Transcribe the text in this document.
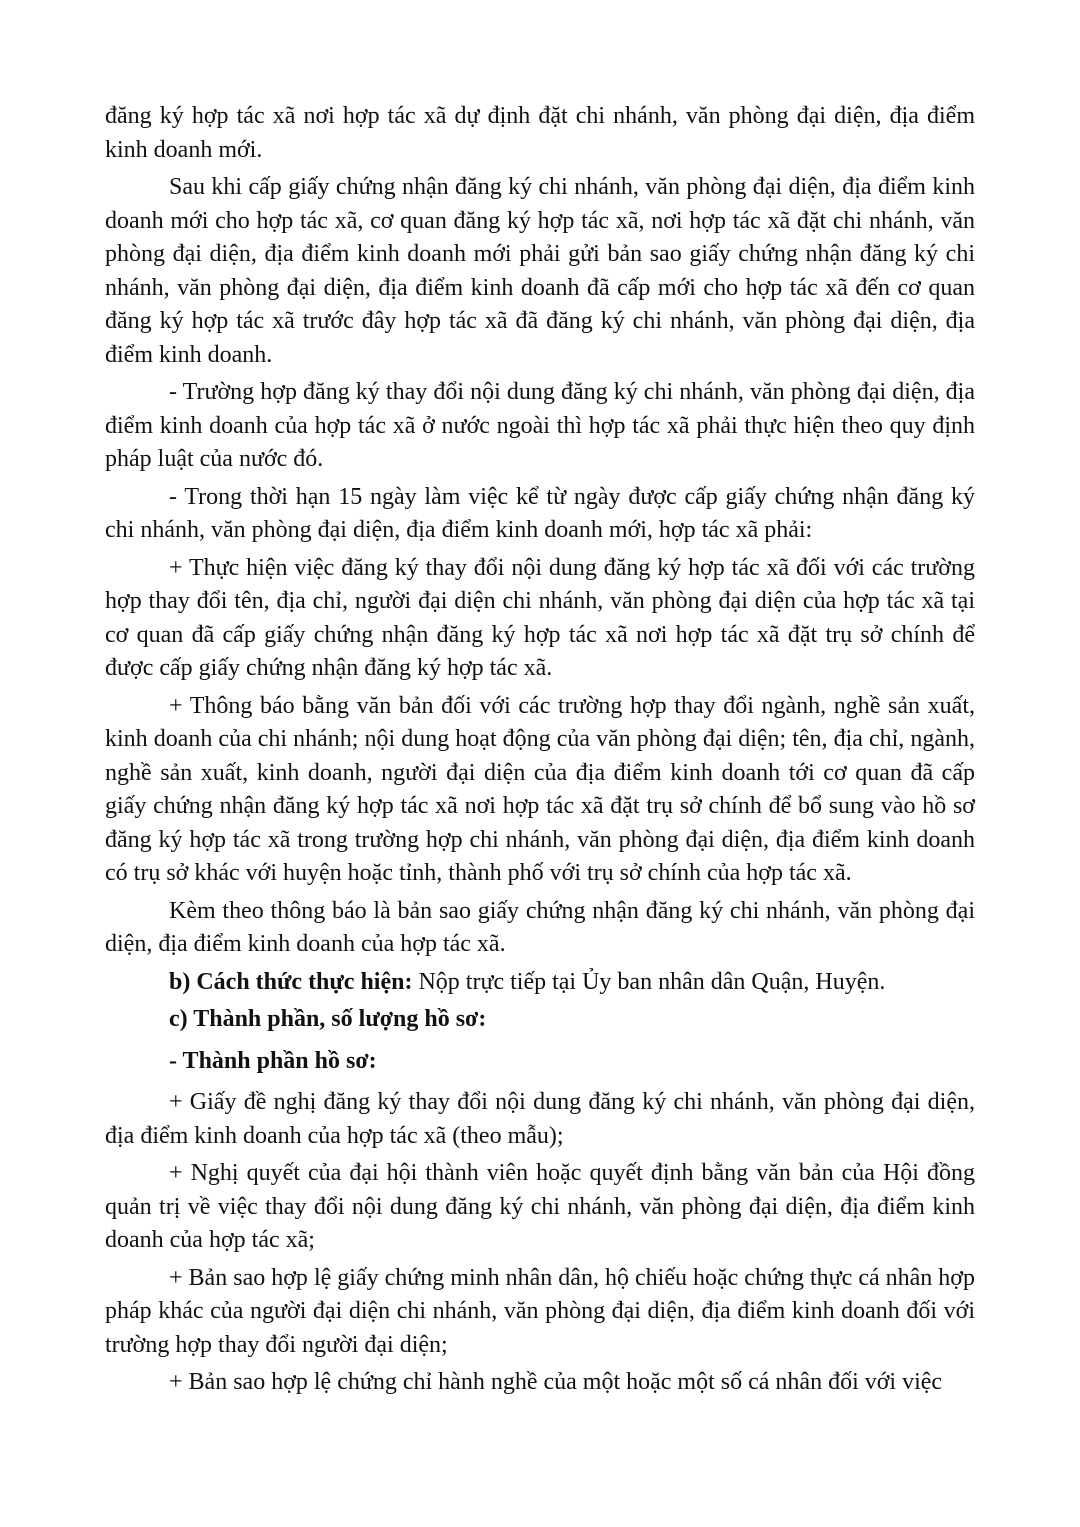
đăng ký hợp tác xã nơi hợp tác xã dự định đặt chi nhánh, văn phòng đại diện, địa điểm kinh doanh mới.

Sau khi cấp giấy chứng nhận đăng ký chi nhánh, văn phòng đại diện, địa điểm kinh doanh mới cho hợp tác xã, cơ quan đăng ký hợp tác xã, nơi hợp tác xã đặt chi nhánh, văn phòng đại diện, địa điểm kinh doanh mới phải gửi bản sao giấy chứng nhận đăng ký chi nhánh, văn phòng đại diện, địa điểm kinh doanh đã cấp mới cho hợp tác xã đến cơ quan đăng ký hợp tác xã trước đây hợp tác xã đã đăng ký chi nhánh, văn phòng đại diện, địa điểm kinh doanh.

- Trường hợp đăng ký thay đổi nội dung đăng ký chi nhánh, văn phòng đại diện, địa điểm kinh doanh của hợp tác xã ở nước ngoài thì hợp tác xã phải thực hiện theo quy định pháp luật của nước đó.

- Trong thời hạn 15 ngày làm việc kể từ ngày được cấp giấy chứng nhận đăng ký chi nhánh, văn phòng đại diện, địa điểm kinh doanh mới, hợp tác xã phải:

+ Thực hiện việc đăng ký thay đổi nội dung đăng ký hợp tác xã đối với các trường hợp thay đổi tên, địa chỉ, người đại diện chi nhánh, văn phòng đại diện của hợp tác xã tại cơ quan đã cấp giấy chứng nhận đăng ký hợp tác xã nơi hợp tác xã đặt trụ sở chính để được cấp giấy chứng nhận đăng ký hợp tác xã.

+ Thông báo bằng văn bản đối với các trường hợp thay đổi ngành, nghề sản xuất, kinh doanh của chi nhánh; nội dung hoạt động của văn phòng đại diện; tên, địa chỉ, ngành, nghề sản xuất, kinh doanh, người đại diện của địa điểm kinh doanh tới cơ quan đã cấp giấy chứng nhận đăng ký hợp tác xã nơi hợp tác xã đặt trụ sở chính để bổ sung vào hồ sơ đăng ký hợp tác xã trong trường hợp chi nhánh, văn phòng đại diện, địa điểm kinh doanh có trụ sở khác với huyện hoặc tỉnh, thành phố với trụ sở chính của hợp tác xã.

Kèm theo thông báo là bản sao giấy chứng nhận đăng ký chi nhánh, văn phòng đại diện, địa điểm kinh doanh của hợp tác xã.

b) Cách thức thực hiện: Nộp trực tiếp tại Ủy ban nhân dân Quận, Huyện.

c) Thành phần, số lượng hồ sơ:

- Thành phần hồ sơ:

+ Giấy đề nghị đăng ký thay đổi nội dung đăng ký chi nhánh, văn phòng đại diện, địa điểm kinh doanh của hợp tác xã (theo mẫu);

+ Nghị quyết của đại hội thành viên hoặc quyết định bằng văn bản của Hội đồng quản trị về việc thay đổi nội dung đăng ký chi nhánh, văn phòng đại diện, địa điểm kinh doanh của hợp tác xã;

+ Bản sao hợp lệ giấy chứng minh nhân dân, hộ chiếu hoặc chứng thực cá nhân hợp pháp khác của người đại diện chi nhánh, văn phòng đại diện, địa điểm kinh doanh đối với trường hợp thay đổi người đại diện;

+ Bản sao hợp lệ chứng chỉ hành nghề của một hoặc một số cá nhân đối với việc
